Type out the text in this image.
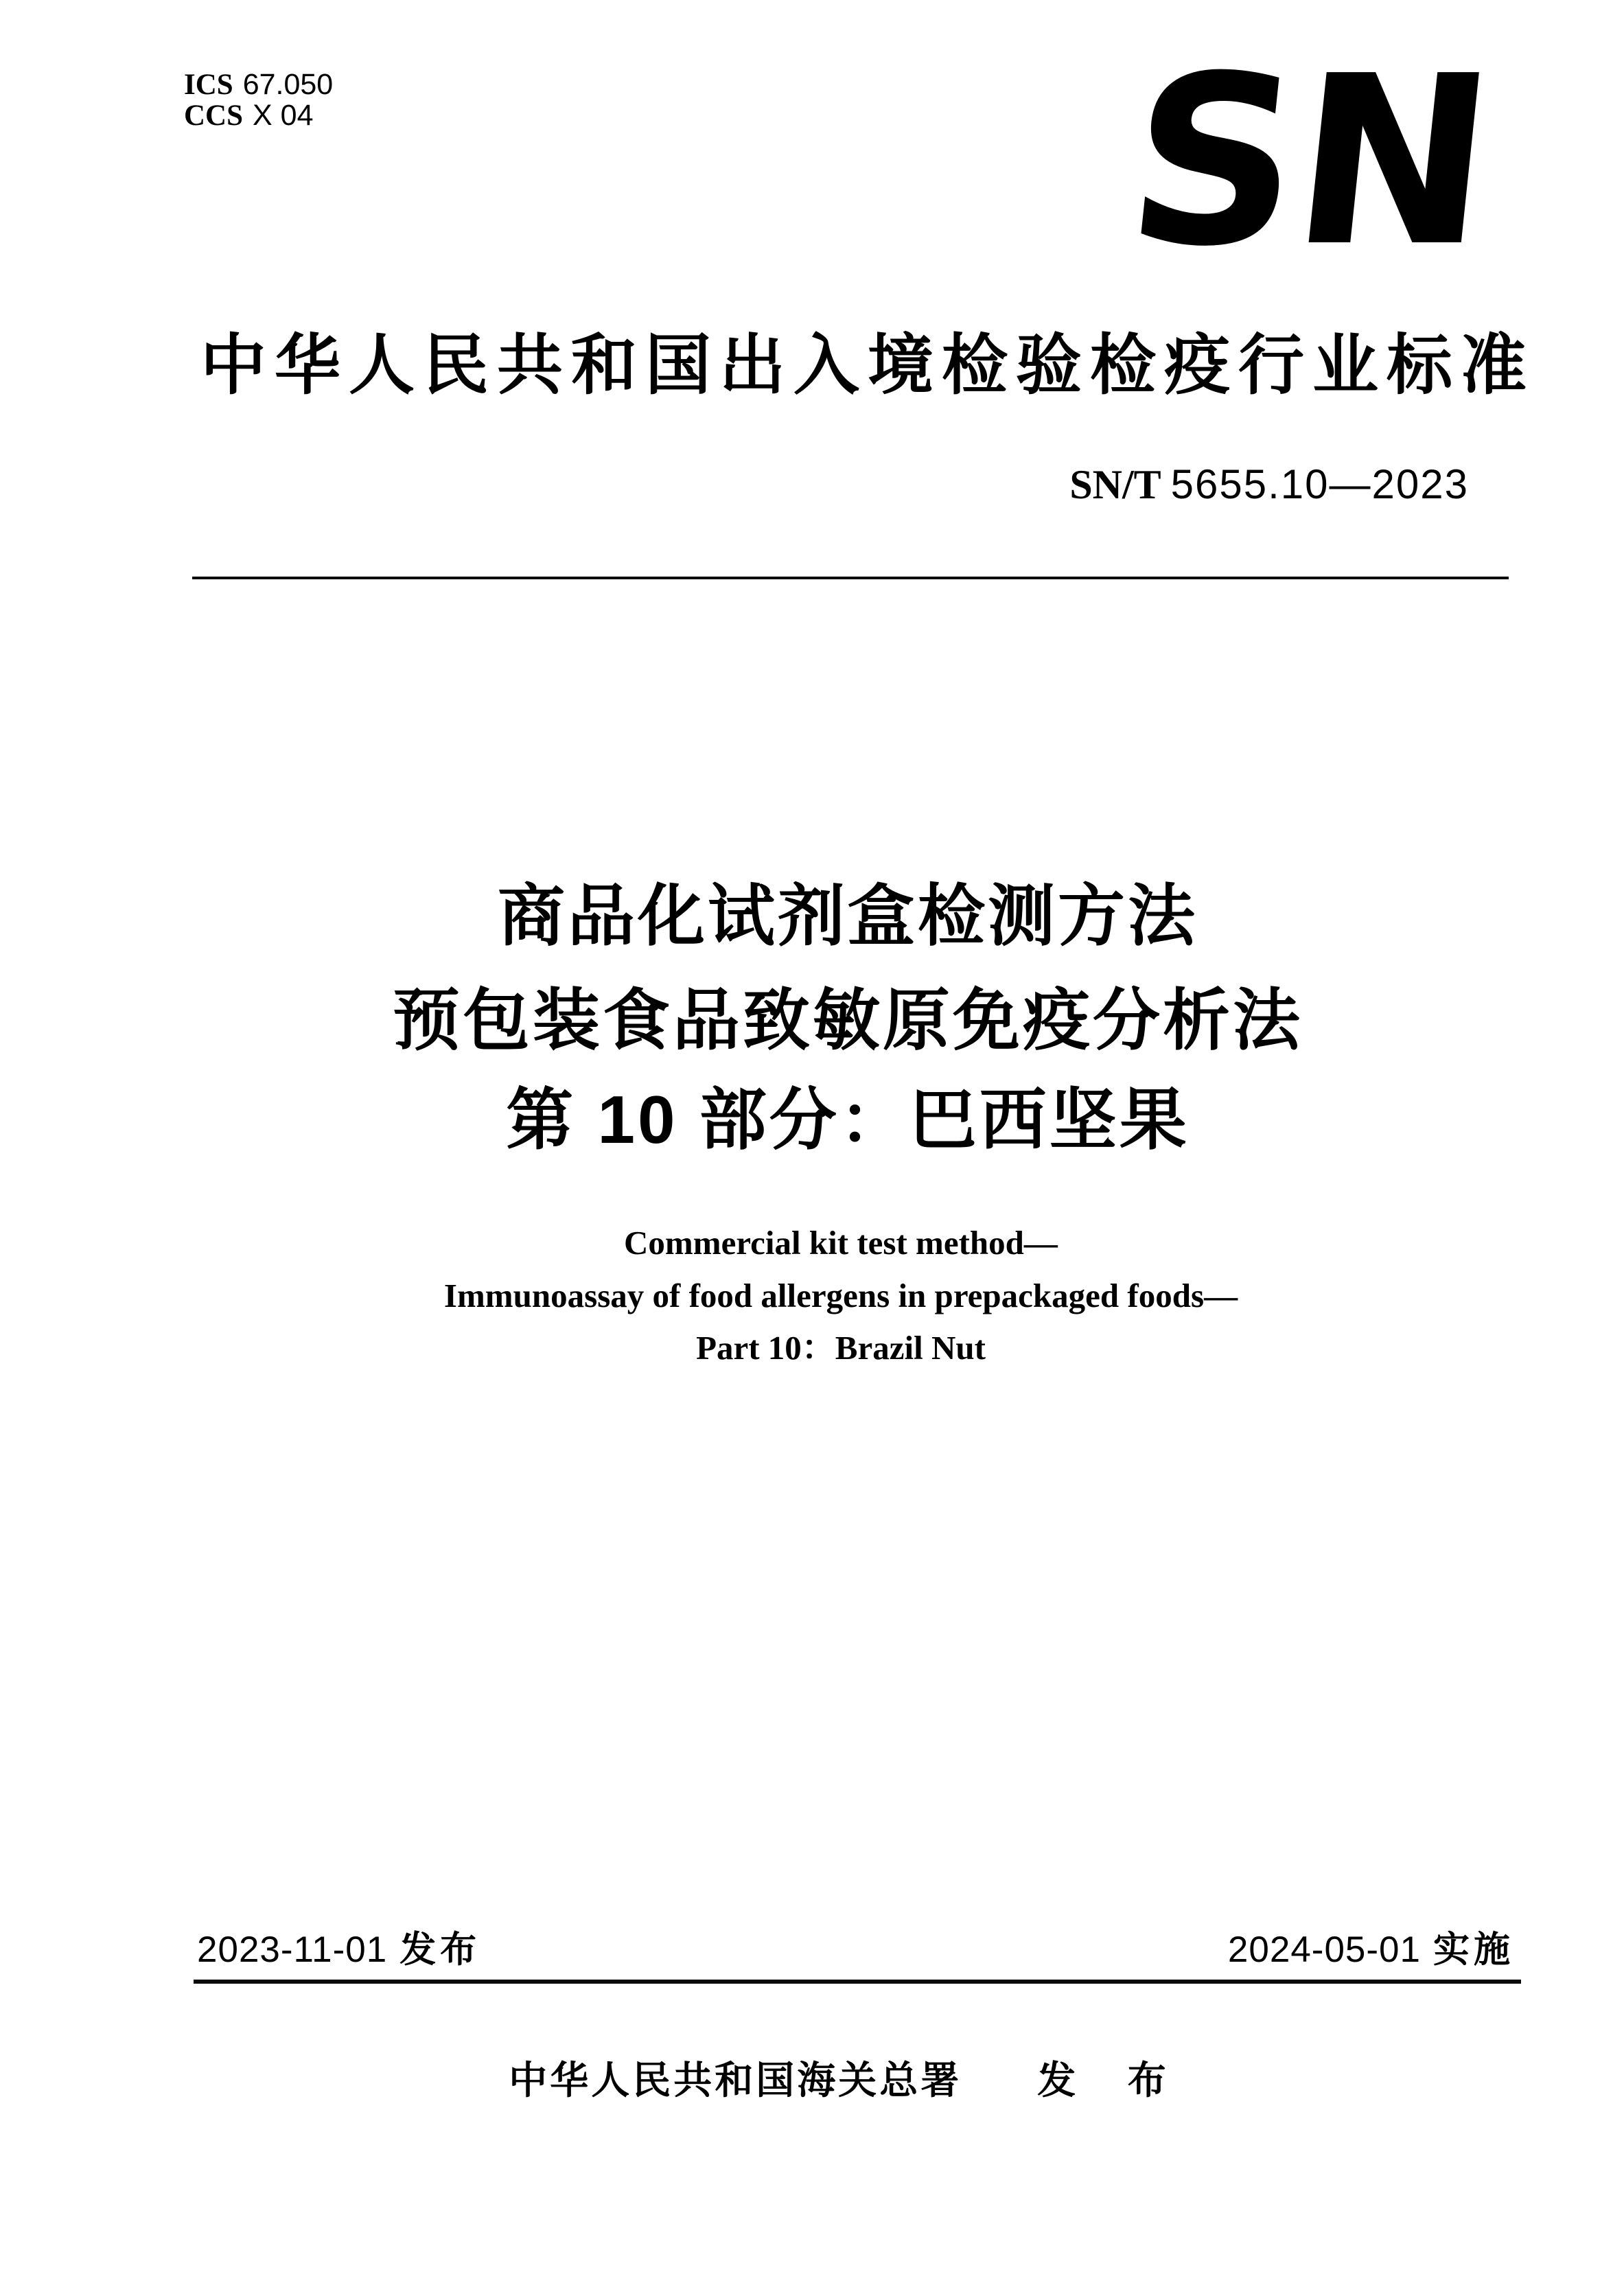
ICS 67.050
CCS X 04	SN
中华人民共和国出入境检验检疫行业标准
SN/T 5655.10—2023
商品化试剂盒检测方法
预包装食品致敏原免疫分析法
第 10 部分：巴西坚果
Commercial kit test method—
Immunoassay of food allergens in prepackaged foods—
Part 10：Brazil Nut
2023-11-01 发布	2024-05-01 实施
中华人民共和国海关总署 发 布
